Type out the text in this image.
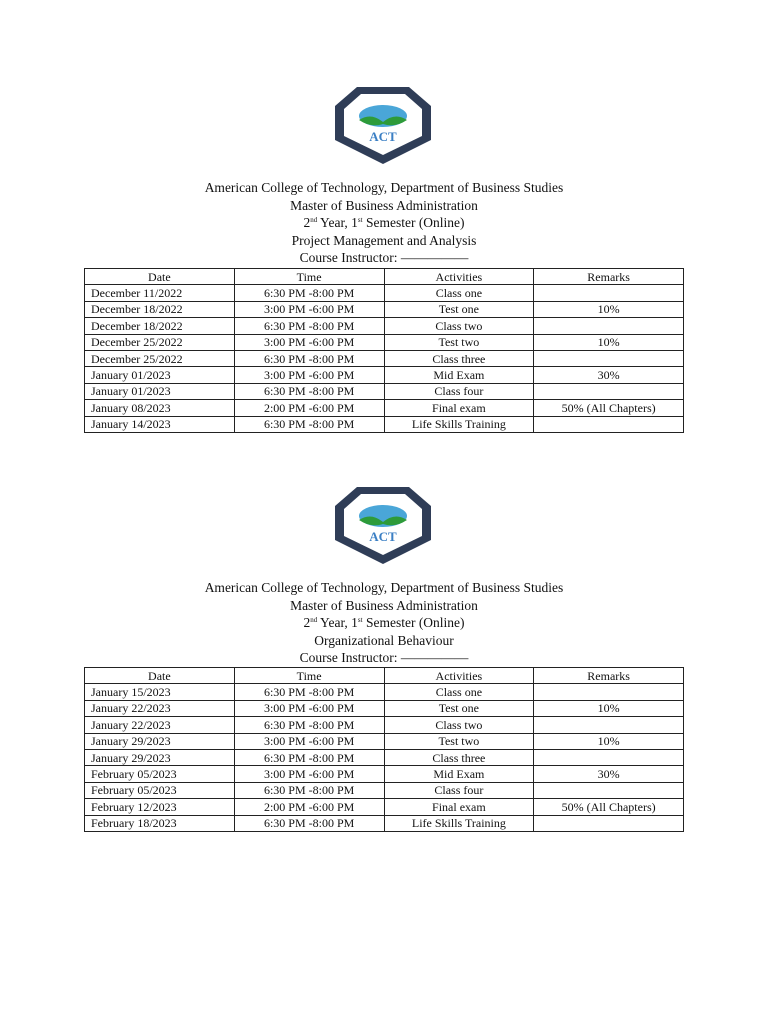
ACT
American College of Technology, Department of Business Studies
Master of Business Administration
2nd Year, 1st Semester (Online)
Project Management and Analysis
Course Instructor: —————
Date	Time	Activities	Remarks
December 11/2022	6:30 PM -8:00 PM	Class one	
December 18/2022	3:00 PM -6:00 PM	Test one	10%
December 18/2022	6:30 PM -8:00 PM	Class two	
December 25/2022	3:00 PM -6:00 PM	Test two	10%
December 25/2022	6:30 PM -8:00 PM	Class three	
January 01/2023	3:00 PM -6:00 PM	Mid Exam	30%
January 01/2023	6:30 PM -8:00 PM	Class four	
January 08/2023	2:00 PM -6:00 PM	Final exam	50% (All Chapters)
January 14/2023	6:30 PM -8:00 PM	Life Skills Training	
ACT
American College of Technology, Department of Business Studies
Master of Business Administration
2nd Year, 1st Semester (Online)
Organizational Behaviour
Course Instructor: —————
Date	Time	Activities	Remarks
January 15/2023	6:30 PM -8:00 PM	Class one	
January 22/2023	3:00 PM -6:00 PM	Test one	10%
January 22/2023	6:30 PM -8:00 PM	Class two	
January 29/2023	3:00 PM -6:00 PM	Test two	10%
January 29/2023	6:30 PM -8:00 PM	Class three	
February 05/2023	3:00 PM -6:00 PM	Mid Exam	30%
February 05/2023	6:30 PM -8:00 PM	Class four	
February 12/2023	2:00 PM -6:00 PM	Final exam	50% (All Chapters)
February 18/2023	6:30 PM -8:00 PM	Life Skills Training	
